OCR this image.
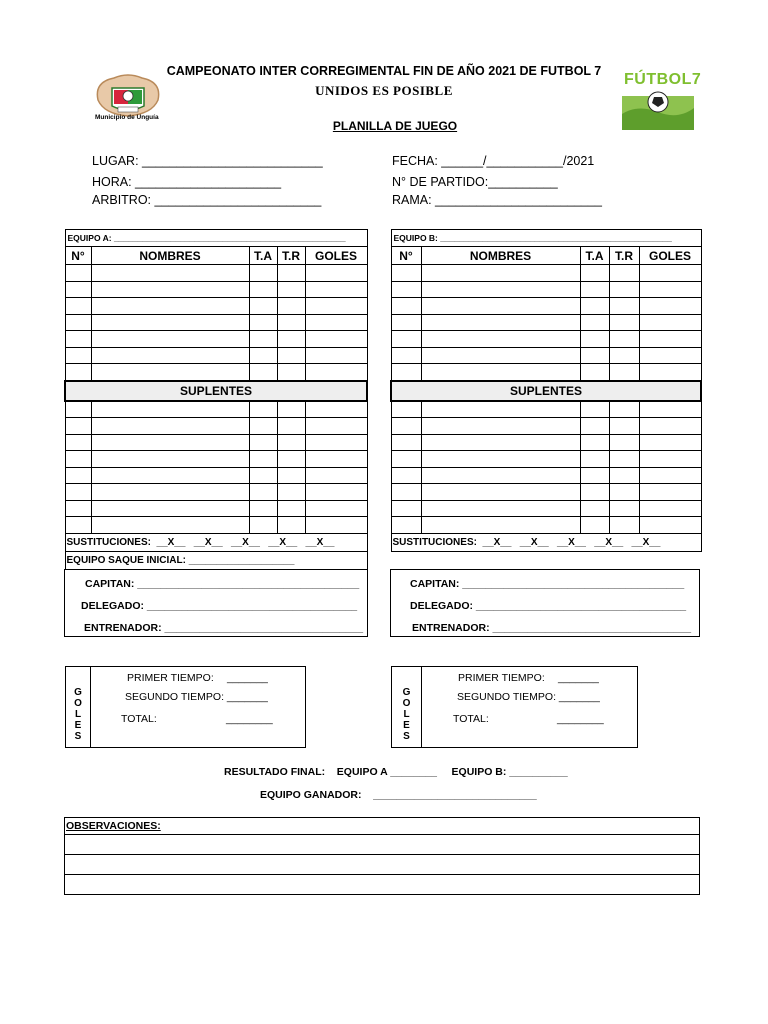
Municipio de Unguía
FÚTBOL7
CAMPEONATO INTER CORREGIMENTAL FIN DE AÑO 2021 DE FUTBOL 7
UNIDOS ES POSIBLE
PLANILLA DE JUEGO
LUGAR: __________________________
HORA: _____________________
ARBITRO: ________________________
FECHA: ______/___________/2021
N° DE PARTIDO:__________
RAMA: ________________________
EQUIPO A: _________________________________________________				
N°	NOMBRES	T.A	T.R	GOLES

SUPLENTES				

SUSTITUCIONES:  __X__   __X__   __X__   __X__   __X__				
EQUIPO SAQUE INICIAL: ___________________				
EQUIPO B: _________________________________________________				
N°	NOMBRES	T.A	T.R	GOLES

SUPLENTES				

SUSTITUCIONES:  __X__   __X__   __X__   __X__   __X__				
CAPITAN: ______________________________________
DELEGADO: ____________________________________
ENTRENADOR: __________________________________
CAPITAN: ______________________________________
DELEGADO: ____________________________________
ENTRENADOR: __________________________________
G
O
L
E
S
PRIMER TIEMPO: _______
SEGUNDO TIEMPO: _______
TOTAL:	________
G
O
L
E
S
PRIMER TIEMPO: _______
SEGUNDO TIEMPO: _______
TOTAL:	________
RESULTADO FINAL:    EQUIPO A ________     EQUIPO B: __________
EQUIPO GANADOR:    ____________________________
OBSERVACIONES:
